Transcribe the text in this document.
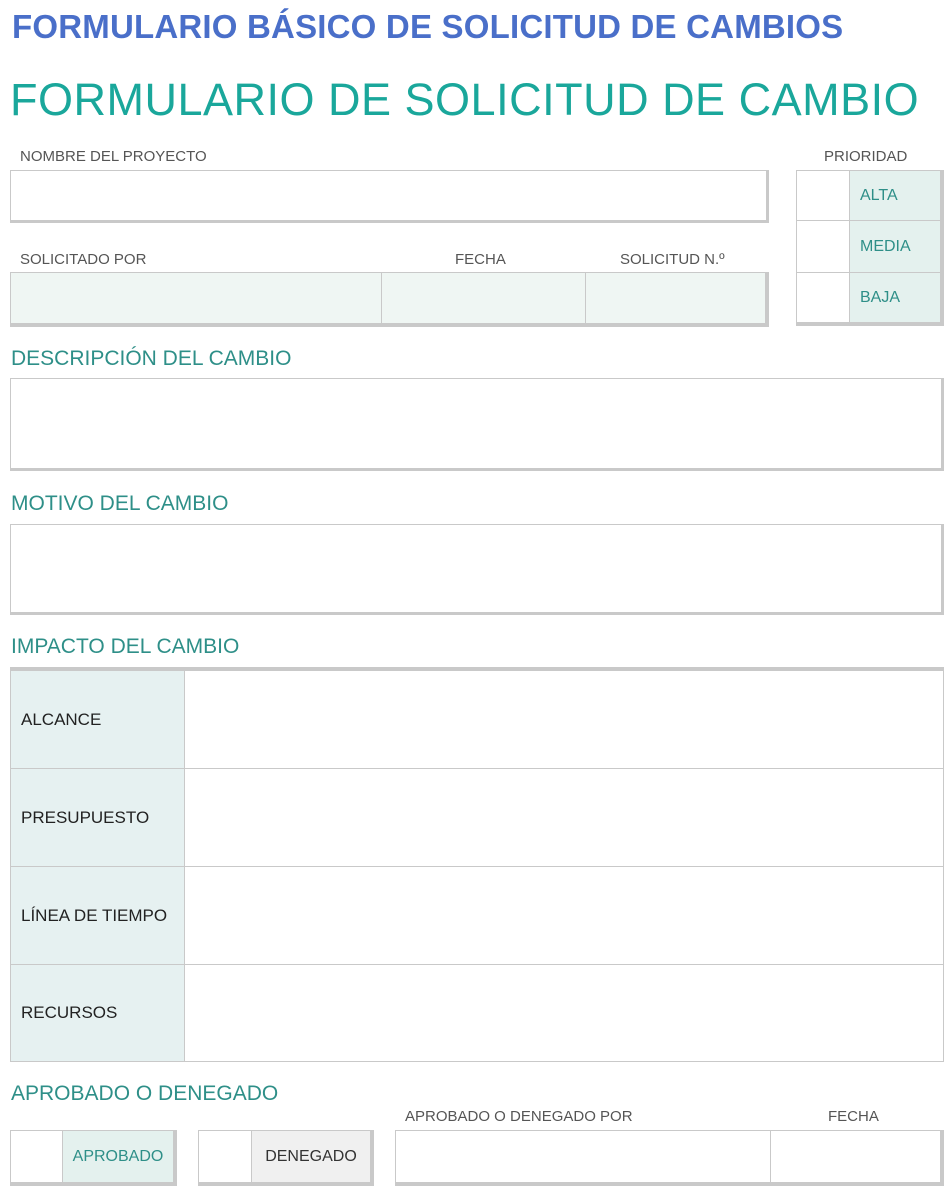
FORMULARIO BÁSICO DE SOLICITUD DE CAMBIOS
FORMULARIO DE SOLICITUD DE CAMBIO
NOMBRE DEL PROYECTO	PRIORIDAD
ALTA
MEDIA
BAJA
SOLICITADO POR	FECHA	SOLICITUD N.º
DESCRIPCIÓN DEL CAMBIO
MOTIVO DEL CAMBIO
IMPACTO DEL CAMBIO
ALCANCE
PRESUPUESTO
LÍNEA DE TIEMPO
RECURSOS
APROBADO O DENEGADO
APROBADO O DENEGADO POR	FECHA
APROBADO	DENEGADO
